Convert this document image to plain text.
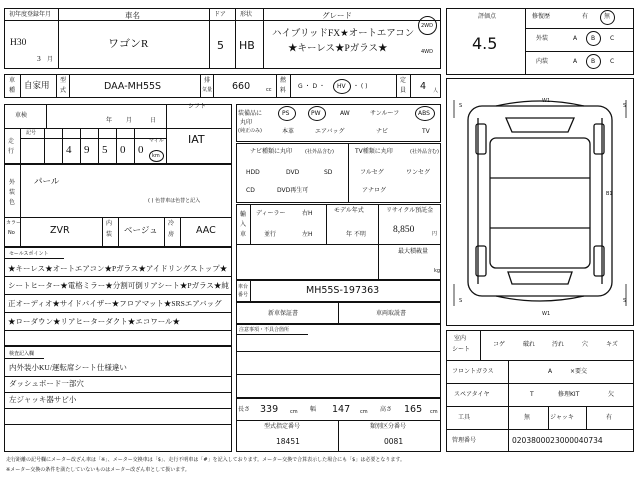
初年度登録年月
H30
3 月
車名
ワゴンR
ドア
5
形状
HB
グレード
ハイブリッドFX★オートエアコン
★キーレス★Pガラス★
2WD
4WD
車
種 自家用
型
式	DAA-MH55S
排
気量 660	cc
燃
料
G ・ D ・ HV ・ ( )
定
員 4 人
車検
年 月	日
走
行
記号
4 9 5 0 0
マイル
km
シフト
IAT
装備品に
丸印
(純正のみ)
PS	PW	AW	サンルーフ	ABS
本革	エアバッグ	ナビ	TV
ナビ種類に丸印	(社外品含む)
HDD	DVD	SD
CD	DVD再生可
TV種類に丸印	(社外品含む)
フルセグ	ワンセグ
アナログ
外
装
色
パール
( ) 色替車は色替と記入
カラー
No	ZVR
内
装 ベージュ
冷
房 AAC
輸
入
車
ディーラー
並行
右H
左H
モデル年式
年 不明
リサイクル預託金
8,850	円
最大積載量
kg
セールスポイント
★キーレス★オートエアコン★Pガラス★アイドリングストップ★
シートヒーター★電格ミラー★分割可倒リアシート★Pガラス★純
正オーディオ★サイドバイザー★フロアマット★SRSエアバッグ
★ローダウン★リアヒーターダクト★エコワール★
車台
番号	MH55S-197363
新車保証書	車両取説書
注意事項・不具合箇所
検査記入欄
内外装小KU/運転席シート仕様違い
ダッシュボード一部穴
左ジャッキ器サビ小
長さ 339 cm 幅 147 cm 高さ 165 cm
型式指定番号
18451
類別区分番号
0081
評価点
4.5
修復歴	有	無
外装	A B C
内装	A B C
W1
W1
B1
S	S
S	S
室内
シート
コゲ	破れ	汚れ	穴	キズ
フロントガラス	A	×要交
スペアタイヤ	T	修理KIT	欠
工具	無	ジャッキ	有
管理番号	0203800023000040734
走行距離の記号欄にメーター改ざん車は「※」、メーター交換車は「$」、走行不明車は「#」を記入しております。メーター交換で合算表示した場合にも「$」は必要となります。
※メーター交換の条件を満たしていないものはメーター改ざん車として扱います。
